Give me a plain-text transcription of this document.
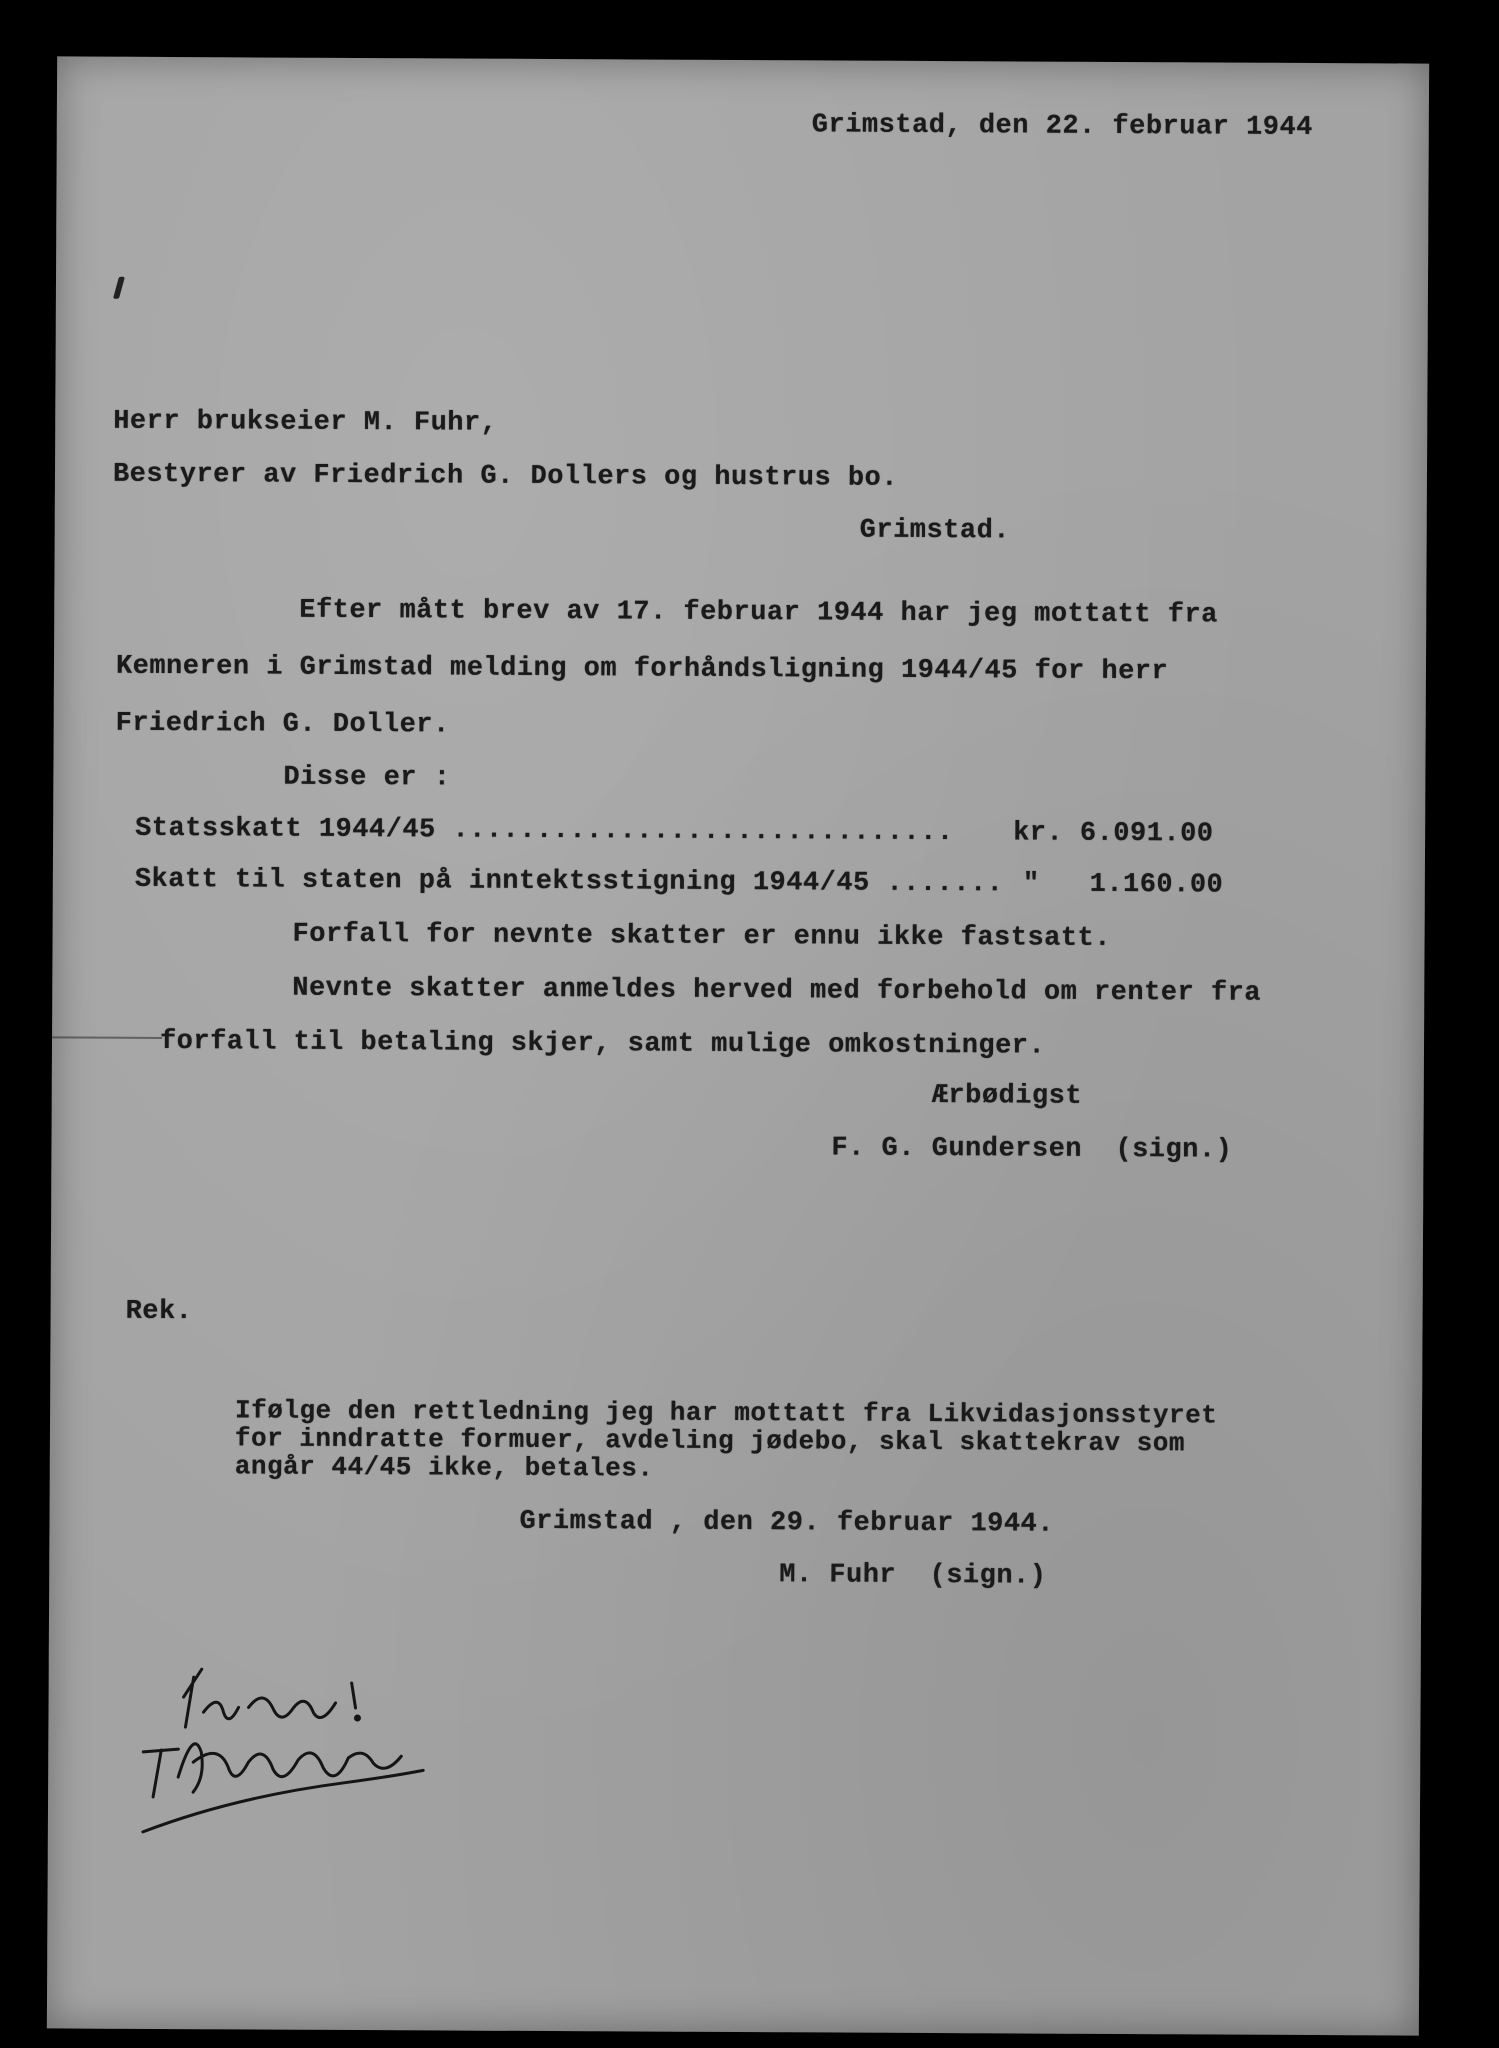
Grimstad, den 22. februar 1944
Herr brukseier M. Fuhr,
Bestyrer av Friedrich G. Dollers og hustrus bo.
Grimstad.
Efter mått brev av 17. februar 1944 har jeg mottatt fra
Kemneren i Grimstad melding om forhåndsligning 1944/45 for herr
Friedrich G. Doller.
Disse er :
Statsskatt 1944/45 .............................. kr. 6.091.00
Skatt til staten på inntektsstigning 1944/45 ....... "   1.160.00
Forfall for nevnte skatter er ennu ikke fastsatt.
Nevnte skatter anmeldes herved med forbehold om renter fra
forfall til betaling skjer, samt mulige omkostninger.
Ærbødigst
F. G. Gundersen  (sign.)
Rek.
Ifølge den rettledning jeg har mottatt fra Likvidasjonsstyret
for inndratte formuer, avdeling jødebo, skal skattekrav som
angår 44/45 ikke, betales.
Grimstad , den 29. februar 1944.
M. Fuhr  (sign.)
